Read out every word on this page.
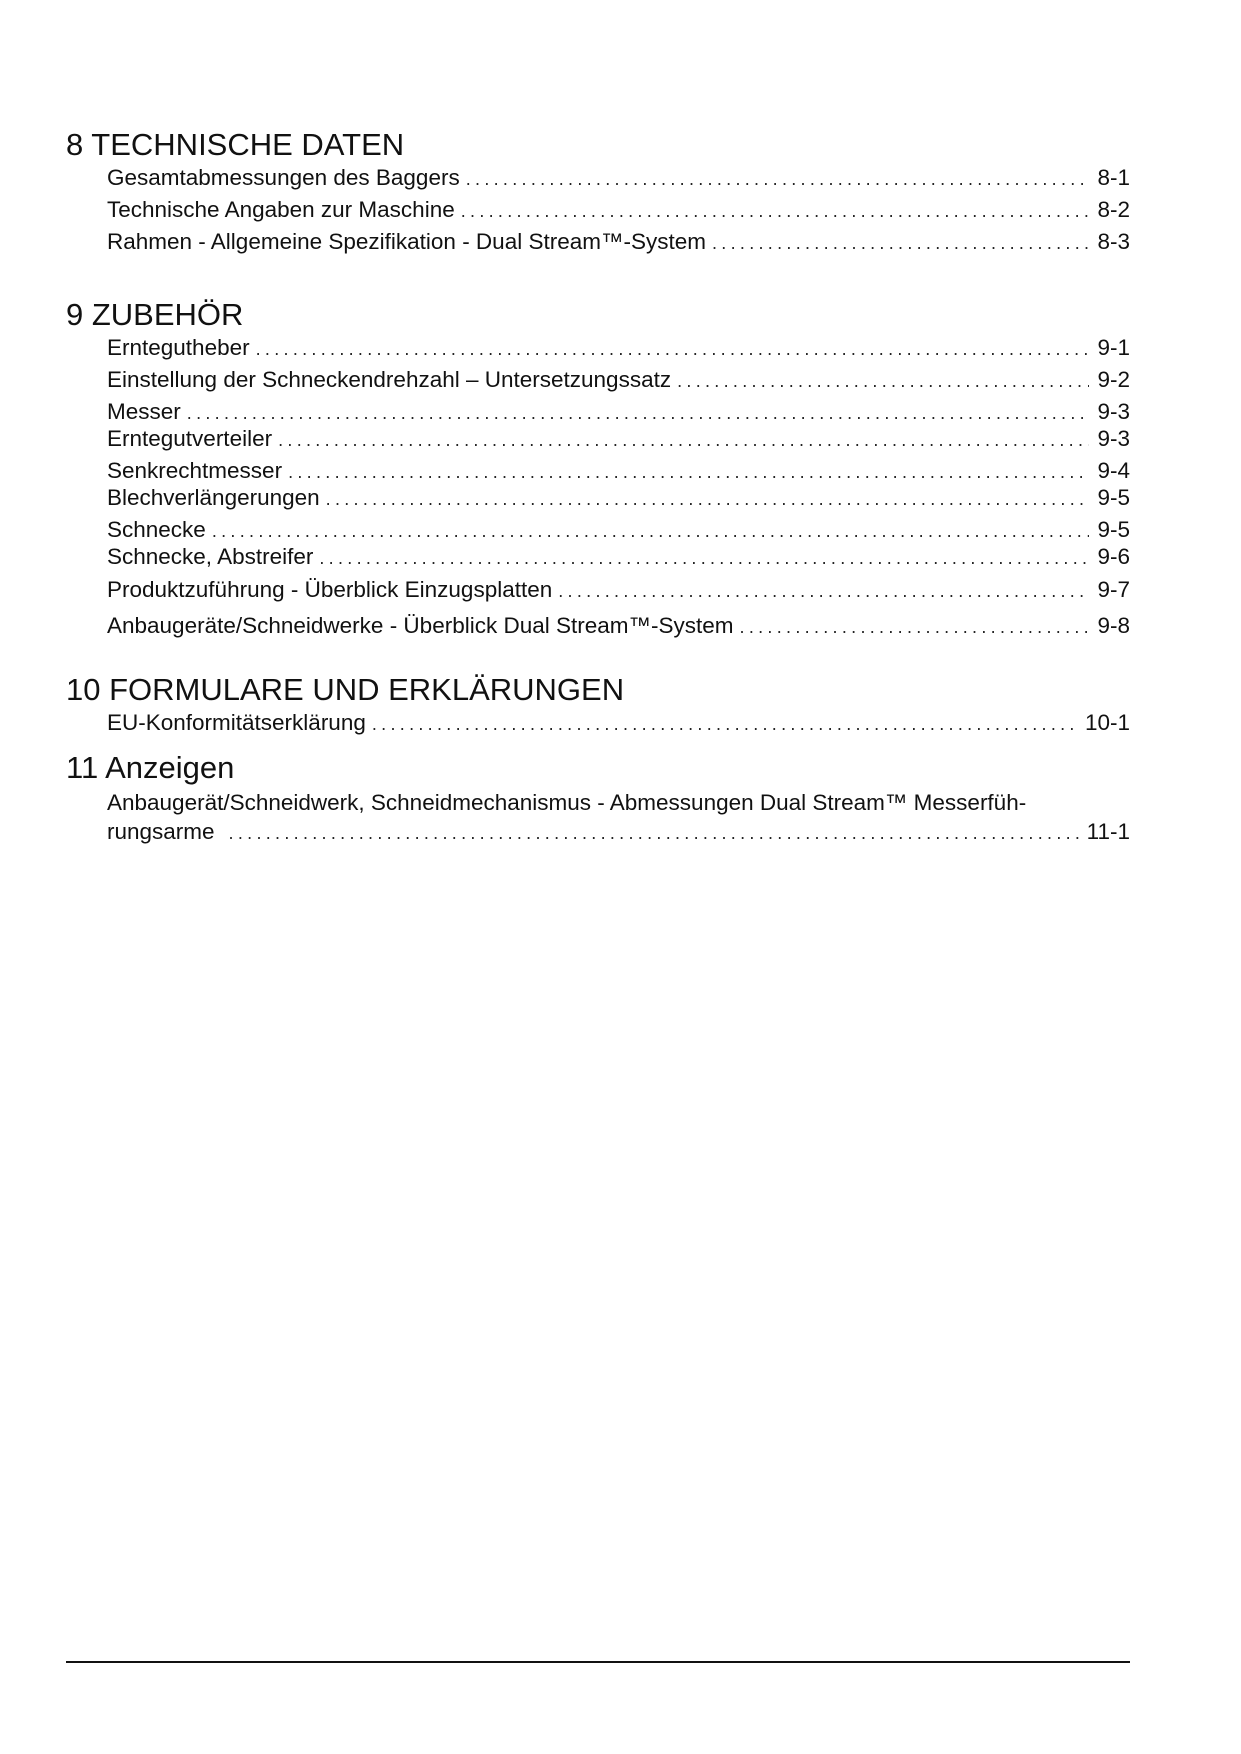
8 TECHNISCHE DATEN
Gesamtabmessungen des Baggers .....	8-1
Technische Angaben zur Maschine .....	8-2
Rahmen - Allgemeine Spezifikation - Dual Stream™-System .....	8-3
9 ZUBEHÖR
Erntegutheber .....	9-1
Einstellung der Schneckendrehzahl – Untersetzungssatz .....	9-2
Messer .....	9-3
Erntegutverteiler .....	9-3
Senkrechtmesser .....	9-4
Blechverlängerungen .....	9-5
Schnecke .....	9-5
Schnecke, Abstreifer .....	9-6
Produktzuführung - Überblick Einzugsplatten .....	9-7
Anbaugeräte/Schneidwerke - Überblick Dual Stream™-System .....	9-8
10 FORMULARE UND ERKLÄRUNGEN
EU-Konformitätserklärung .....	10-1
11 Anzeigen
Anbaugerät/Schneidwerk, Schneidmechanismus - Abmessungen Dual Stream™ Messerfüh-
rungsarme .....	11-1
